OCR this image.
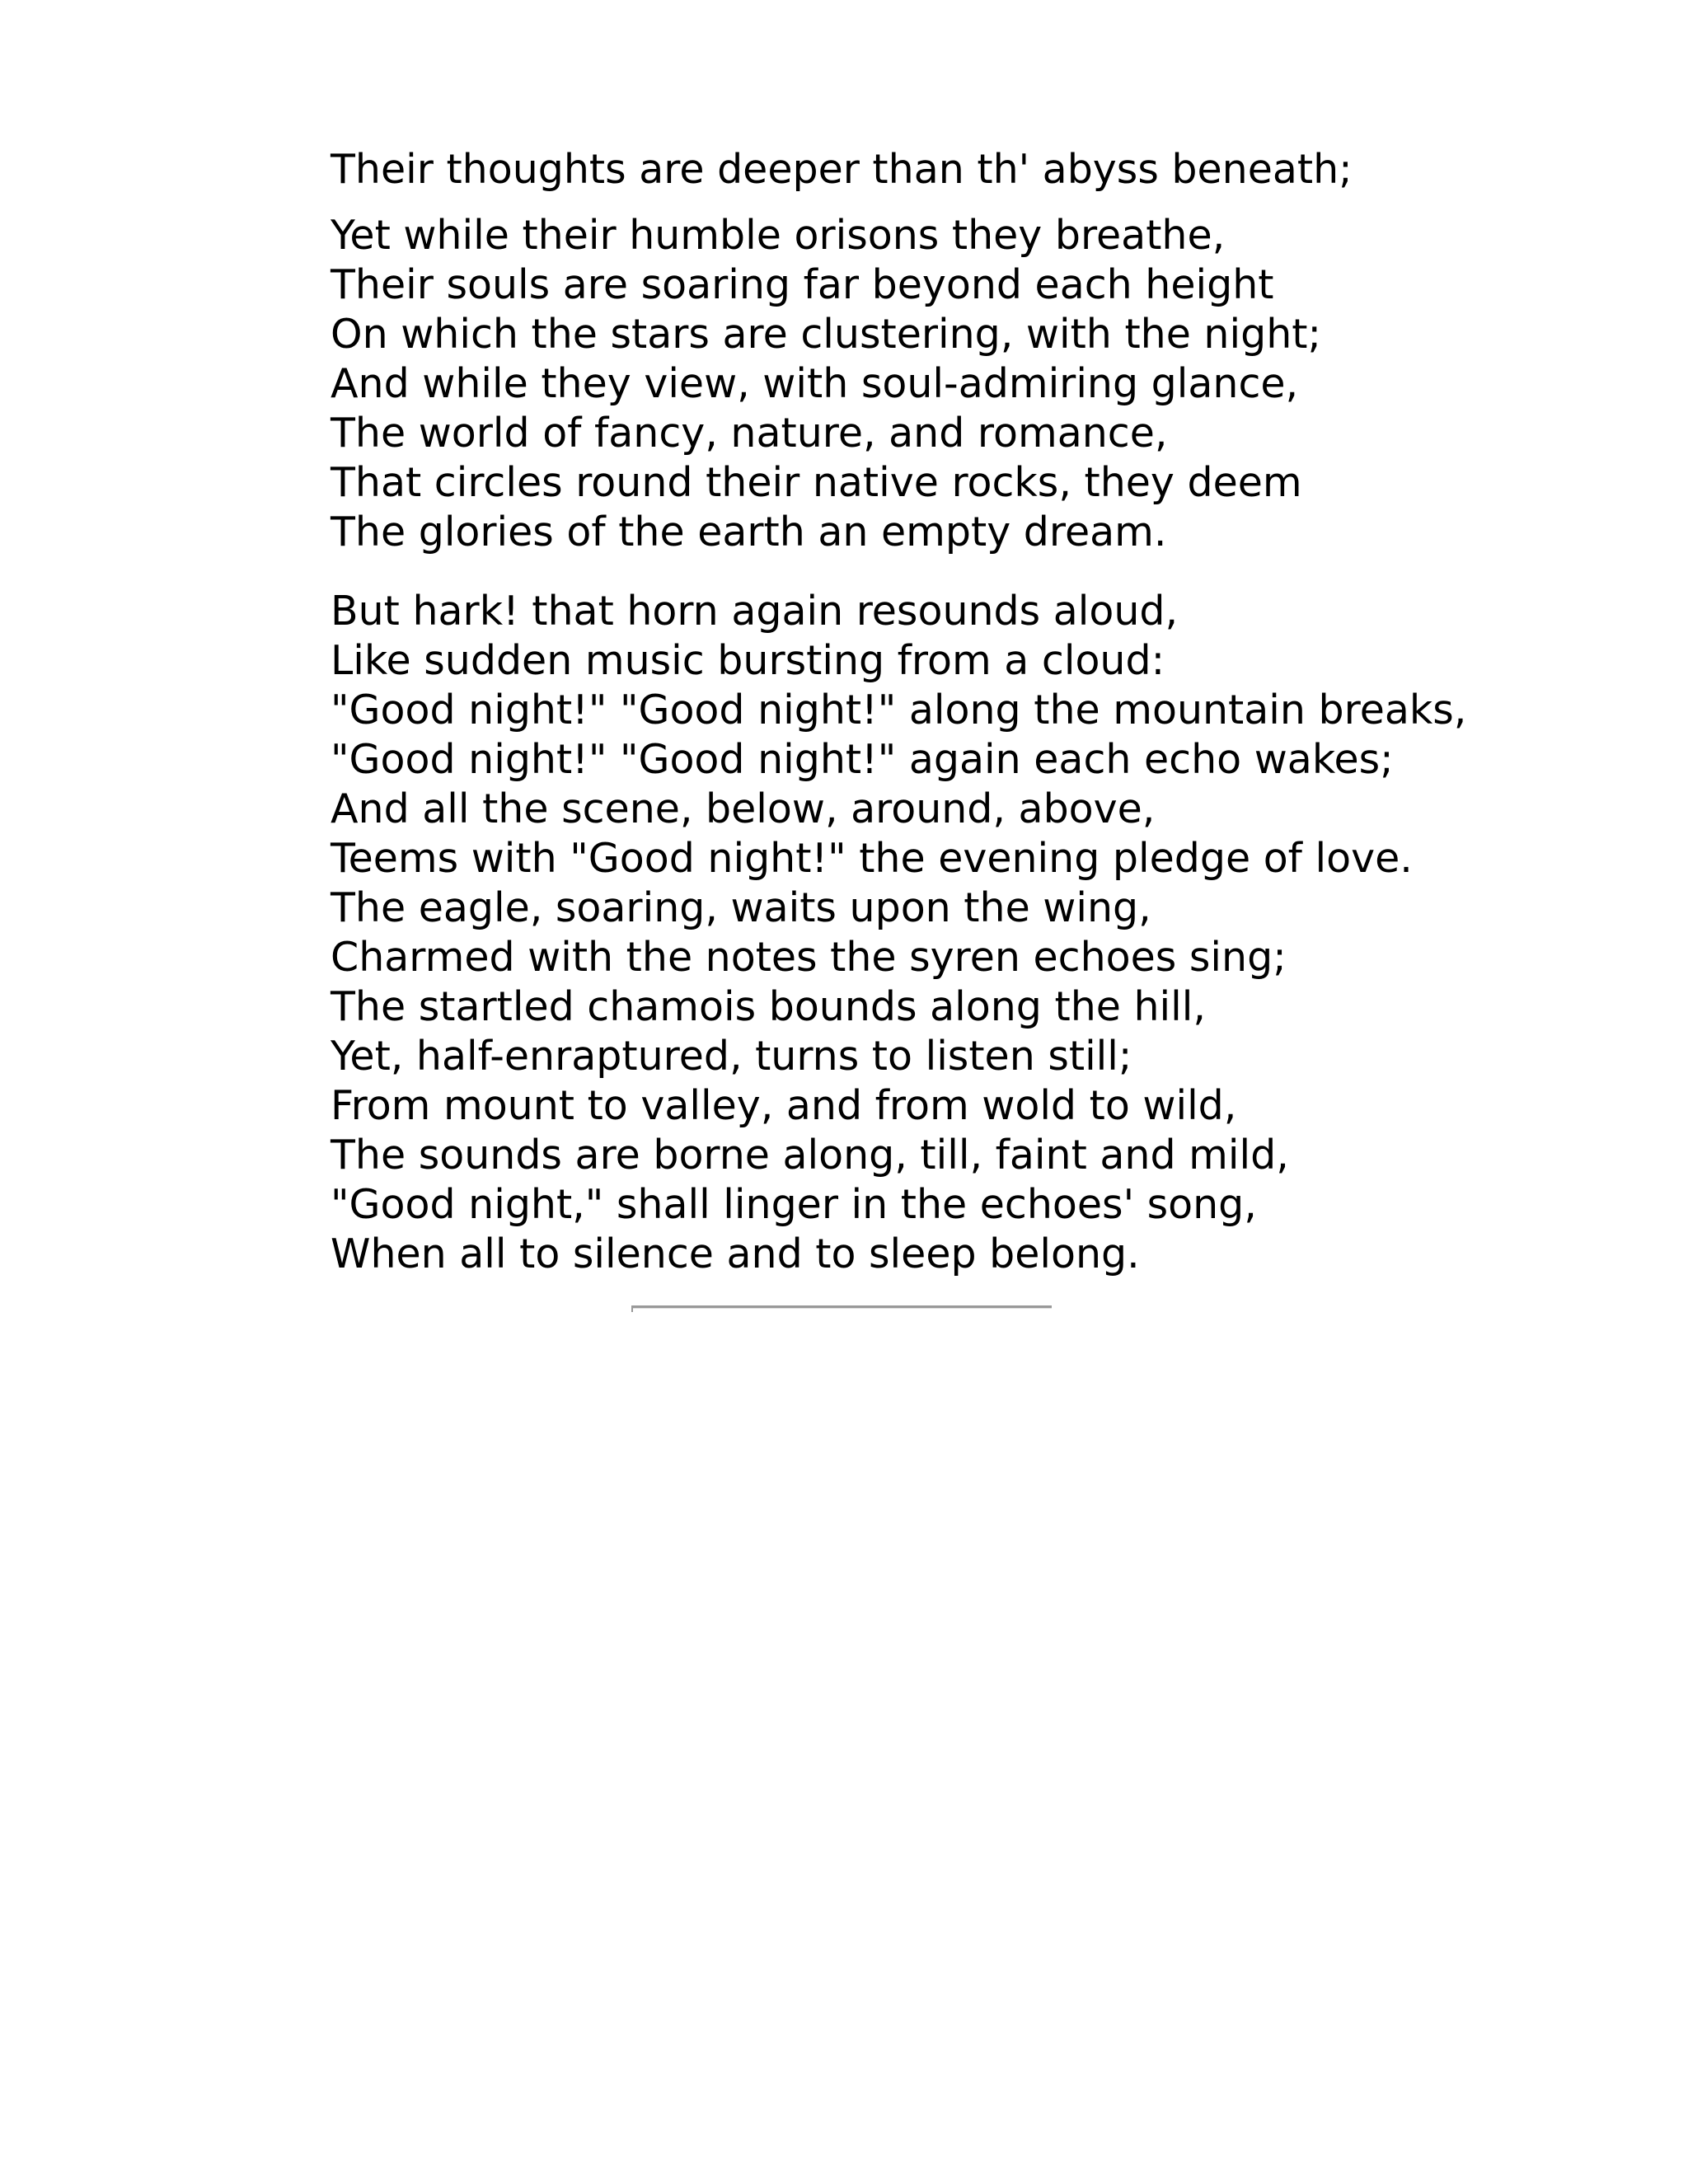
Their thoughts are deeper than th' abyss beneath;
Yet while their humble orisons they breathe,
Their souls are soaring far beyond each height
On which the stars are clustering, with the night;
And while they view, with soul-admiring glance,
The world of fancy, nature, and romance,
That circles round their native rocks, they deem
The glories of the earth an empty dream.
But hark! that horn again resounds aloud,
Like sudden music bursting from a cloud:
"Good night!" "Good night!" along the mountain breaks,
"Good night!" "Good night!" again each echo wakes;
And all the scene, below, around, above,
Teems with "Good night!" the evening pledge of love.
The eagle, soaring, waits upon the wing,
Charmed with the notes the syren echoes sing;
The startled chamois bounds along the hill,
Yet, half-enraptured, turns to listen still;
From mount to valley, and from wold to wild,
The sounds are borne along, till, faint and mild,
"Good night," shall linger in the echoes' song,
When all to silence and to sleep belong.
